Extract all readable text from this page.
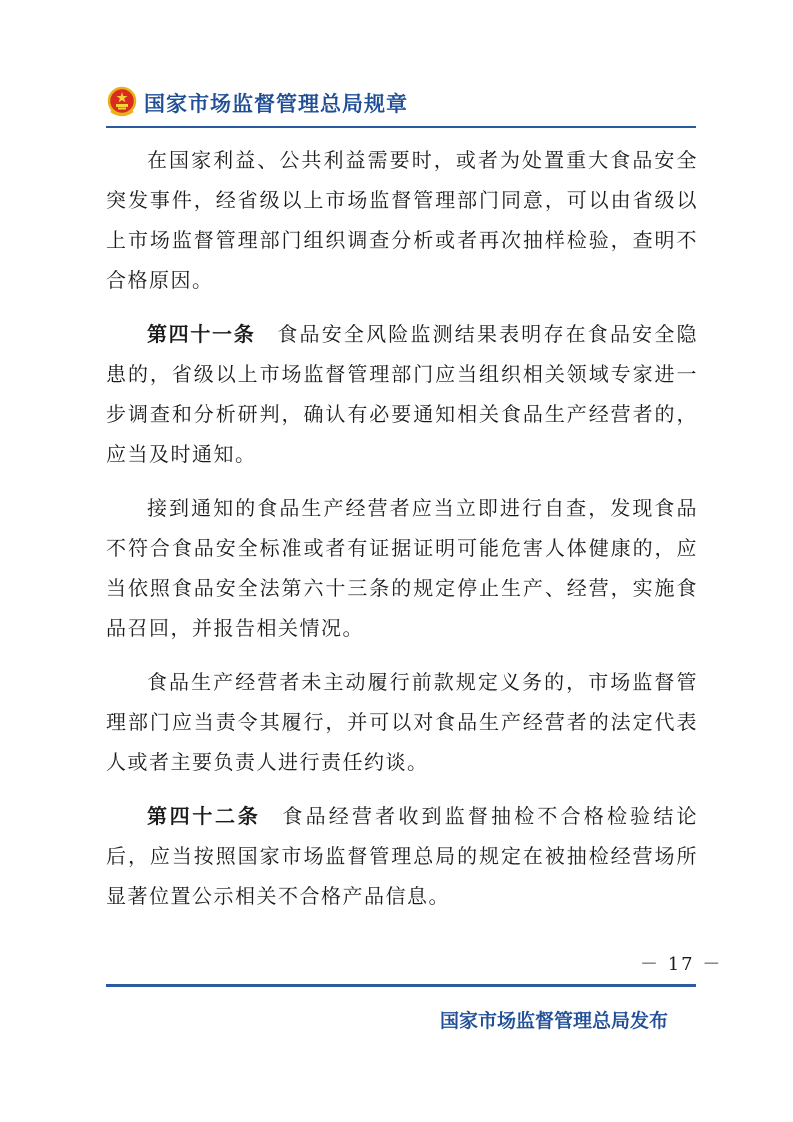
国家市场监督管理总局规章

在国家利益、公共利益需要时，或者为处置重大食品安全突发事件，经省级以上市场监督管理部门同意，可以由省级以上市场监督管理部门组织调查分析或者再次抽样检验，查明不合格原因。

第四十一条 食品安全风险监测结果表明存在食品安全隐患的，省级以上市场监督管理部门应当组织相关领域专家进一步调查和分析研判，确认有必要通知相关食品生产经营者的，应当及时通知。

接到通知的食品生产经营者应当立即进行自查，发现食品不符合食品安全标准或者有证据证明可能危害人体健康的，应当依照食品安全法第六十三条的规定停止生产、经营，实施食品召回，并报告相关情况。

食品生产经营者未主动履行前款规定义务的，市场监督管理部门应当责令其履行，并可以对食品生产经营者的法定代表人或者主要负责人进行责任约谈。

第四十二条 食品经营者收到监督抽检不合格检验结论后，应当按照国家市场监督管理总局的规定在被抽检经营场所显著位置公示相关不合格产品信息。

－ 17 －
国家市场监督管理总局发布
